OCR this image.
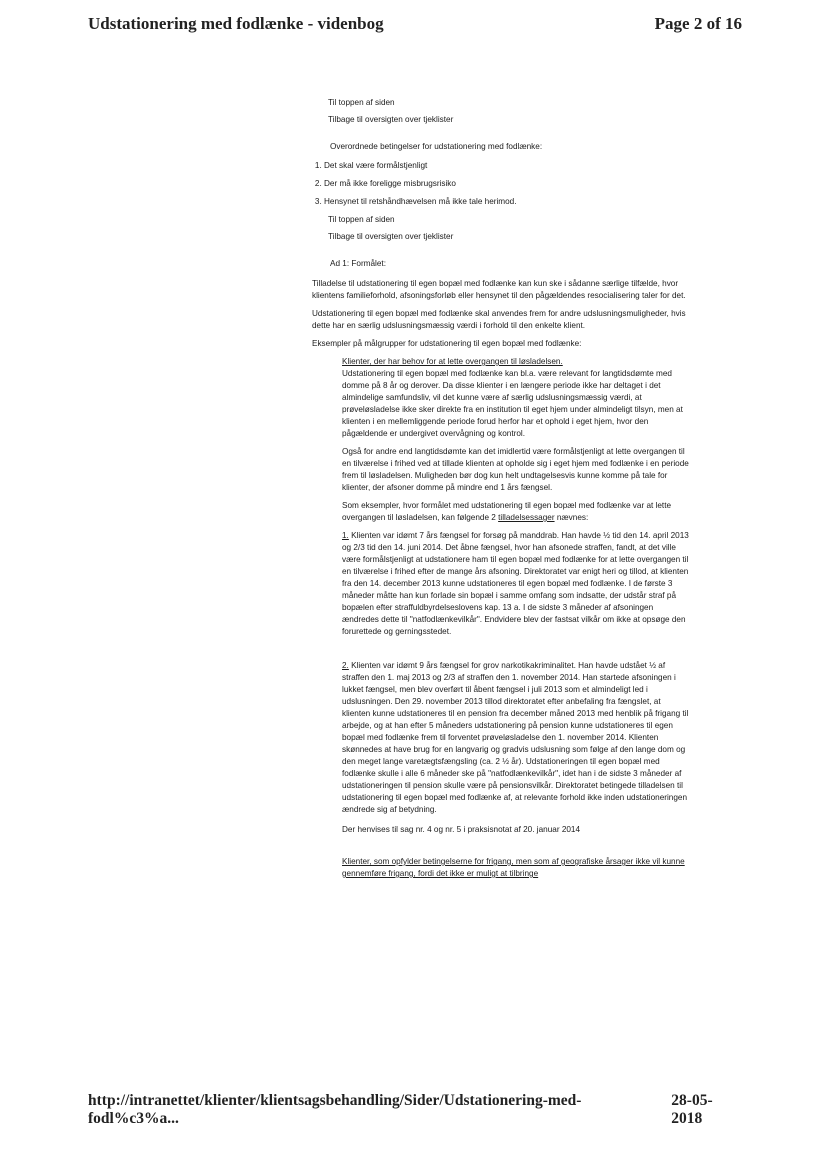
Udstationering med fodlænke - videnbog	Page 2 of 16
Til toppen af siden
Tilbage til oversigten over tjeklister
Overordnede betingelser for udstationering med fodlænke:
1. Det skal være formålstjenligt
2. Der må ikke foreligge misbrugsrisiko
3. Hensynet til retshåndhævelsen må ikke tale herimod.
Til toppen af siden
Tilbage til oversigten over tjeklister
Ad 1: Formålet:
Tilladelse til udstationering til egen bopæl med fodlænke kan kun ske i sådanne særlige tilfælde, hvor klientens familieforhold, afsoningsforløb eller hensynet til den pågældendes resocialisering taler for det.
Udstationering til egen bopæl med fodlænke skal anvendes frem for andre udslusningsmuligheder, hvis dette har en særlig udslusningsmæssig værdi i forhold til den enkelte klient.
Eksempler på målgrupper for udstationering til egen bopæl med fodlænke:
Klienter, der har behov for at lette overgangen til løsladelsen.
Udstationering til egen bopæl med fodlænke kan bl.a. være relevant for langtidsdømte med domme på 8 år og derover. Da disse klienter i en længere periode ikke har deltaget i det almindelige samfundsliv, vil det kunne være af særlig udslusningsmæssig værdi, at prøveløsladelse ikke sker direkte fra en institution til eget hjem under almindeligt tilsyn, men at klienten i en mellemliggende periode forud herfor har et ophold i eget hjem, hvor den pågældende er undergivet overvågning og kontrol.
Også for andre end langtidsdømte kan det imidlertid være formålstjenligt at lette overgangen til en tilværelse i frihed ved at tillade klienten at opholde sig i eget hjem med fodlænke i en periode frem til løsladelsen. Muligheden bør dog kun helt undtagelsesvis kunne komme på tale for klienter, der afsoner domme på mindre end 1 års fængsel.
Som eksempler, hvor formålet med udstationering til egen bopæl med fodlænke var at lette overgangen til løsladelsen, kan følgende 2 tilladelsessager nævnes:
1. Klienten var idømt 7 års fængsel for forsøg på manddrab. Han havde ½ tid den 14. april 2013 og 2/3 tid den 14. juni 2014. Det åbne fængsel, hvor han afsonede straffen, fandt, at det ville være formålstjenligt at udstationere ham til egen bopæl med fodlænke for at lette overgangen til en tilværelse i frihed efter de mange års afsoning. Direktoratet var enigt heri og tillod, at klienten fra den 14. december 2013 kunne udstationeres til egen bopæl med fodlænke. I de første 3 måneder måtte han kun forlade sin bopæl i samme omfang som indsatte, der udstår straf på bopælen efter straffuldbyrdelseslovens kap. 13 a. I de sidste 3 måneder af afsoningen ændredes dette til "natfodlænkevilkår". Endvidere blev der fastsat vilkår om ikke at opsøge den forurettede og gerningsstedet.
2. Klienten var idømt 9 års fængsel for grov narkotikakriminalitet. Han havde udstået ½ af straffen den 1. maj 2013 og 2/3 af straffen den 1. november 2014. Han startede afsoningen i lukket fængsel, men blev overført til åbent fængsel i juli 2013 som et almindeligt led i udslusningen. Den 29. november 2013 tillod direktoratet efter anbefaling fra fængslet, at klienten kunne udstationeres til en pension fra december måned 2013 med henblik på frigang til arbejde, og at han efter 5 måneders udstationering på pension kunne udstationeres til egen bopæl med fodlænke frem til forventet prøveløsladelse den 1. november 2014. Klienten skønnedes at have brug for en langvarig og gradvis udslusning som følge af den lange dom og den meget lange varetægtsfængsling (ca. 2 ½ år). Udstationeringen til egen bopæl med fodlænke skulle i alle 6 måneder ske på "natfodlænkevilkår", idet han i de sidste 3 måneder af udstationeringen til pension skulle være på pensionsvilkår. Direktoratet betingede tilladelsen til udstationering til egen bopæl med fodlænke af, at relevante forhold ikke inden udstationeringen ændrede sig af betydning.
Der henvises til sag nr. 4 og nr. 5 i praksisnotat af 20. januar 2014
Klienter, som opfylder betingelserne for frigang, men som af geografiske årsager ikke vil kunne gennemføre frigang, fordi det ikke er muligt at tilbringe
http://intranettet/klienter/klientsagsbehandling/Sider/Udstationering-med-fodl%c3%a...
28-05-2018
